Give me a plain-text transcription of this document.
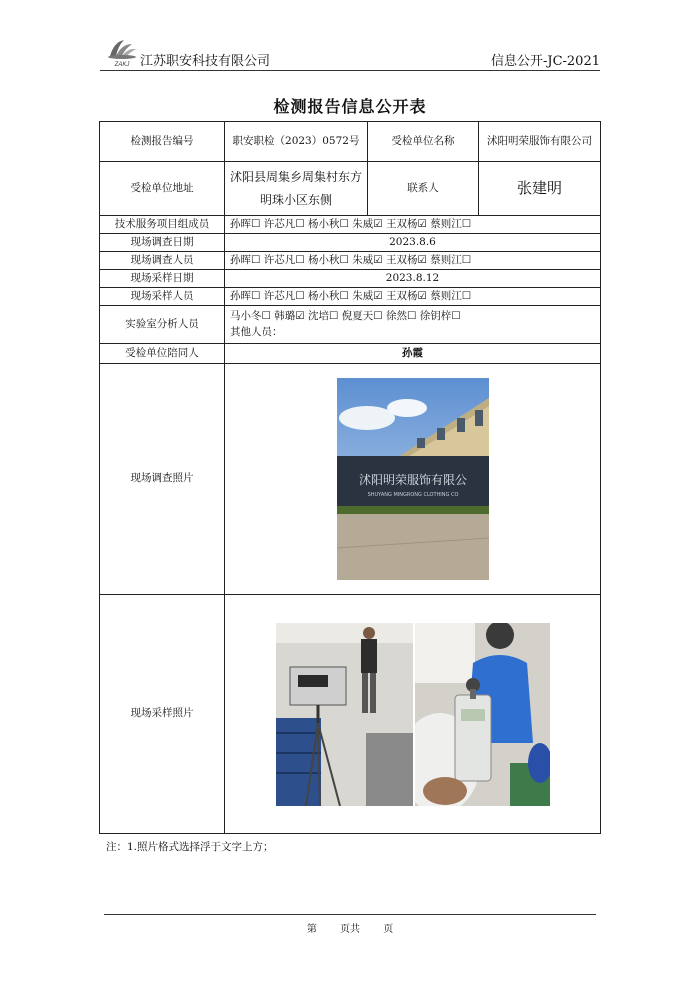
ZAKJ 江苏职安科技有限公司	信息公开-JC-2021
检测报告信息公开表
检测报告编号	职安职检（2023）0572号	受检单位名称	沭阳明荣服饰有限公司
受检单位地址	沭阳县周集乡周集村东方明珠小区东侧	联系人	张建明
技术服务项目组成员	孙晖☐ 许芯凡☐ 杨小秋☐ 朱威☑ 王双杨☑ 蔡则江☐		
现场调查日期	2023.8.6		
现场调查人员	孙晖☐ 许芯凡☐ 杨小秋☐ 朱威☑ 王双杨☑ 蔡则江☐		
现场采样日期	2023.8.12		
现场采样人员	孙晖☐ 许芯凡☐ 杨小秋☐ 朱威☑ 王双杨☑ 蔡则江☐		
实验室分析人员	马小冬☐ 韩璐☑ 沈培☐ 倪夏天☐ 徐然☐ 徐钥梓☐
其他人员：		

受检单位陪同人	孙霞		
现场调查照片	沭阳明荣服饰有限公
SHUYANG MINGRONG CLOTHING CO		

现场采样照片	
注：1.照片格式选择浮于文字上方；
第 页共 页
